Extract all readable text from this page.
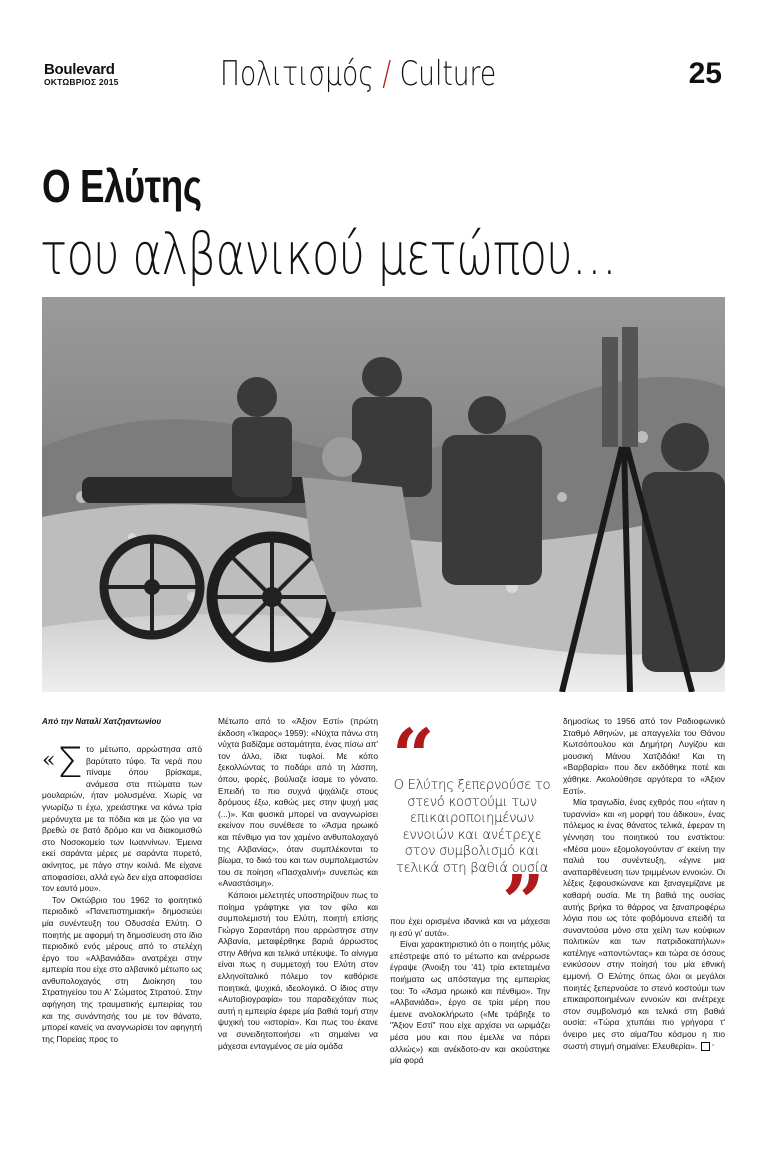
Boulevard
ΟΚΤΩΒΡΙΟΣ 2015	Πολιτισμός / Culture	25
Ο Ελύτης
του αλβανικού μετώπου…
Από την Ναταλί Χατζηαντωνίου
« Σ το μέτωπο, αρρώστησα από βαρύτατο τύφο. Τα νερά που πίναμε όπου βρίσκαμε, ανάμεσα στα πτώματα των μουλαριών, ήταν μολυσμένα. Χωρίς να γνωρίζω τι έχω, χρειάστηκε να κάνω τρία μερόνυχτα με τα πόδια και με ζώο για να βρεθώ σε βατό δρόμο και να διακομισθώ στο Νοσοκομείο των Ιωαννίνων. Έμεινα εκεί σαράντα μέρες με σαράντα πυρετό, ακίνητος, με πάγο στην κοιλιά. Με είχανε αποφασίσει, αλλά εγώ δεν είχα αποφασίσει τον εαυτό μου».

Τον Οκτώβριο του 1962 το φοιτητικό περιοδικό «Πανεπιστημιακή» δημοσιεύει μία συνέντευξη του Οδυσσέα Ελύτη. Ο ποιητής με αφορμή τη δημοσίευση στο ίδιο περιοδικό ενός μέρους από το στελέχη έργο του «Αλβανιάδα» ανατρέχει στην εμπειρία που είχε στο αλβανικό μέτωπο ως ανθυπολοχαγός στη Διοίκηση του Στρατηγείου του Α' Σώματος Στρατού. Στην αφήγηση της τραυματικής εμπειρίας του και της συνάντησής του με τον θάνατο, μπορεί κανείς να αναγνωρίσει τον αφηγητή της Πορείας προς το

Μέτωπο από το «Άξιον Εστί» (πρώτη έκδοση «Ίκαρος» 1959): «Νύχτα πάνω στη νύχτα βαδίζαμε ασταμάτητα, ένας πίσω απ' τον άλλο, ίδια τυφλοί. Με κόπο ξεκολλώντας το ποδάρι από τη λάσπη, όπου, φορές, βούλιαζε ίσαμε το γόνατο. Επειδή το πιο συχνά ψιχάλιζε στους δρόμους έξω, καθώς μες στην ψυχή μας (...)». Και φυσικά μπορεί να αναγνωρίσει εκείνον που συνέθεσε το «Άσμα ηρωικό και πένθιμο για τον χαμένο ανθυπολοχαγό της Αλβανίας», όταν συμπλέκονται το βίωμα, το δικό του και των συμπολεμιστών του σε ποίηση «Πασχαλινή» συνεπώς και «Αναστάσιμη».

Κάποιοι μελετητές υποστηρίζουν πως το ποίημα γράφτηκε για τον φίλο και συμπολεμιστή του Ελύτη, ποιητή επίσης Γιώργο Σαραντάρη που αρρώστησε στην Αλβανία, μεταφέρθηκε βαριά άρρωστος στην Αθήνα και τελικά υπέκυψε. Το αίνιγμα είναι πως η συμμετοχή του Ελύτη στον ελληνοϊταλικό πόλεμο τον καθόρισε ποιητικά, ψυχικά, ιδεολογικά. Ο ίδιος στην «Αυτοβιογραφία» του παραδεχόταν πως αυτή η εμπειρία έφερε μία βαθιά τομή στην ψυχική του «ιστορία». Και πως του έκανε να συνειδητοποιήσει «τι σημαίνει να μάχεσαι ενταγμένος σε μία ομάδα

“
Ο Ελύτης ξεπερνούσε το στενό κοστούμι των επικαιροποιημένων εννοιών και ανέτρεχε στον συμβολισμό και τελικά στη βαθιά ουσία
”

που έχει ορισμένα ιδανικά και να μάχεσαι ηι εσύ γι' αυτά».

Είναι χαρακτηριστικό ότι ο ποιητής μόλις επέστρεψε από το μέτωπο και ανέρρωσε έγραψε (Άνοιξη του '41) τρία εκτεταμένα ποιήματα ως απόσταγμα της εμπειρίας του: Το «Άσμα ηρωικό και πένθιμο». Την «Αλβανιάδα», έργο σε τρία μέρη που έμεινε ανολοκλήρωτο («Με τράβηξε το "Άξιον Εστί" που είχε αρχίσει να ωριμάζει μέσα μου και που έμελλε να πάρει αλλιώς») και ανέκδοτο-αν και ακούστηκε μία φορά

δημοσίως το 1956 από τον Ραδιοφωνικό Σταθμό Αθηνών, με απαγγελία του Θάνου Κωτσόπουλου και Δημήτρη Λυγίζου και μουσική Μάνου Χατζιδάκι! Και τη «Βαρβαρία» που δεν εκδόθηκε ποτέ και χάθηκε. Ακολούθησε αργότερα το «Άξιον Εστί».

Μία τραγωδία, ένας εχθρός που «ήταν η τυραννία» και «η μορφή του άδικου», ένας πόλεμος κι ένας θάνατος τελικά, έφεραν τη γέννηση του ποιητικού του ενστίκτου: «Μέσα μου» εξομολογούνταν σ' εκείνη την παλιά του συνέντευξη, «έγινε μια αναπαρθένευση των τριμμένων εννοιών. Οι λέξεις ξεφουσκώνανε και ξαναγεμίζανε με καθαρή ουσία. Με τη βαθιά της ουσίας αυτής βρήκα το θάρρος να ξαναπροφέρω λόγια που ως τότε φοβόμουνα επειδή τα συναντούσα μόνο στα χείλη των κούφιων πολιτικών και των πατριδοκαπήλων» κατέληγε «αποντώντας» και τώρα σε όσους ενικύσουν στην ποίησή του μία εθνική εμμονή. Ο Ελύτης όπως όλοι οι μεγάλοι ποιητές ξεπερνούσε το στενό κοστούμι των επικαιροποιημένων εννοιών και ανέτρεχε στον συμβολισμό και τελικά στη βαθιά ουσία: «Τώρα χτυπάει πιο γρήγορα τ' όνειρο μες στο αίμα/Του κόσμου η πιο σωστή στιγμή σημαίνει: Ελευθερία».	▫
